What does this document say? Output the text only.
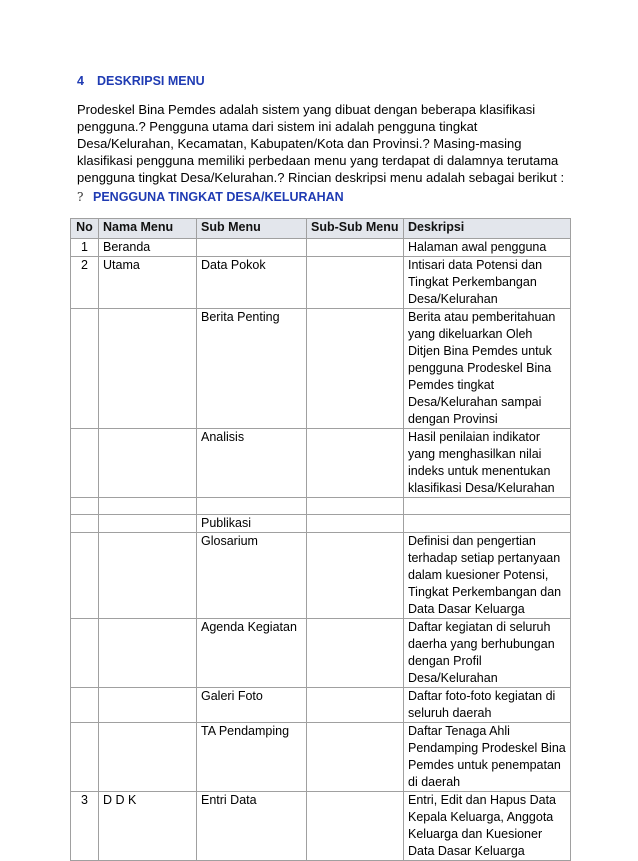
4 DESKRIPSI MENU

Prodeskel Bina Pemdes adalah sistem yang dibuat dengan beberapa klasifikasi pengguna.? Pengguna utama dari sistem ini adalah pengguna tingkat Desa/Kelurahan, Kecamatan, Kabupaten/Kota dan Provinsi.? Masing-masing klasifikasi pengguna memiliki perbedaan menu yang terdapat di dalamnya terutama pengguna tingkat Desa/Kelurahan.? Rincian deskripsi menu adalah sebagai berikut :

? PENGGUNA TINGKAT DESA/KELURAHAN
No	Nama Menu	Sub Menu	Sub-Sub Menu	Deskripsi
1	Beranda			Halaman awal pengguna
2	Utama	Data Pokok		Intisari data Potensi dan Tingkat Perkembangan Desa/Kelurahan
		Berita Penting		Berita atau pemberitahuan yang dikeluarkan Oleh Ditjen Bina Pemdes untuk pengguna Prodeskel Bina Pemdes tingkat Desa/Kelurahan sampai dengan Provinsi
		Analisis		Hasil penilaian indikator yang menghasilkan nilai indeks untuk menentukan klasifikasi Desa/Kelurahan

		Publikasi		
		Glosarium		Definisi dan pengertian terhadap setiap pertanyaan dalam kuesioner Potensi, Tingkat Perkembangan dan Data Dasar Keluarga
		Agenda Kegiatan		Daftar kegiatan di seluruh daerha yang berhubungan dengan Profil Desa/Kelurahan
		Galeri Foto		Daftar foto-foto kegiatan di seluruh daerah
		TA Pendamping		Daftar Tenaga Ahli Pendamping Prodeskel Bina Pemdes untuk penempatan di daerah
3	D D K	Entri Data		Entri, Edit dan Hapus Data Kepala Keluarga, Anggota Keluarga dan Kuesioner Data Dasar Keluarga
